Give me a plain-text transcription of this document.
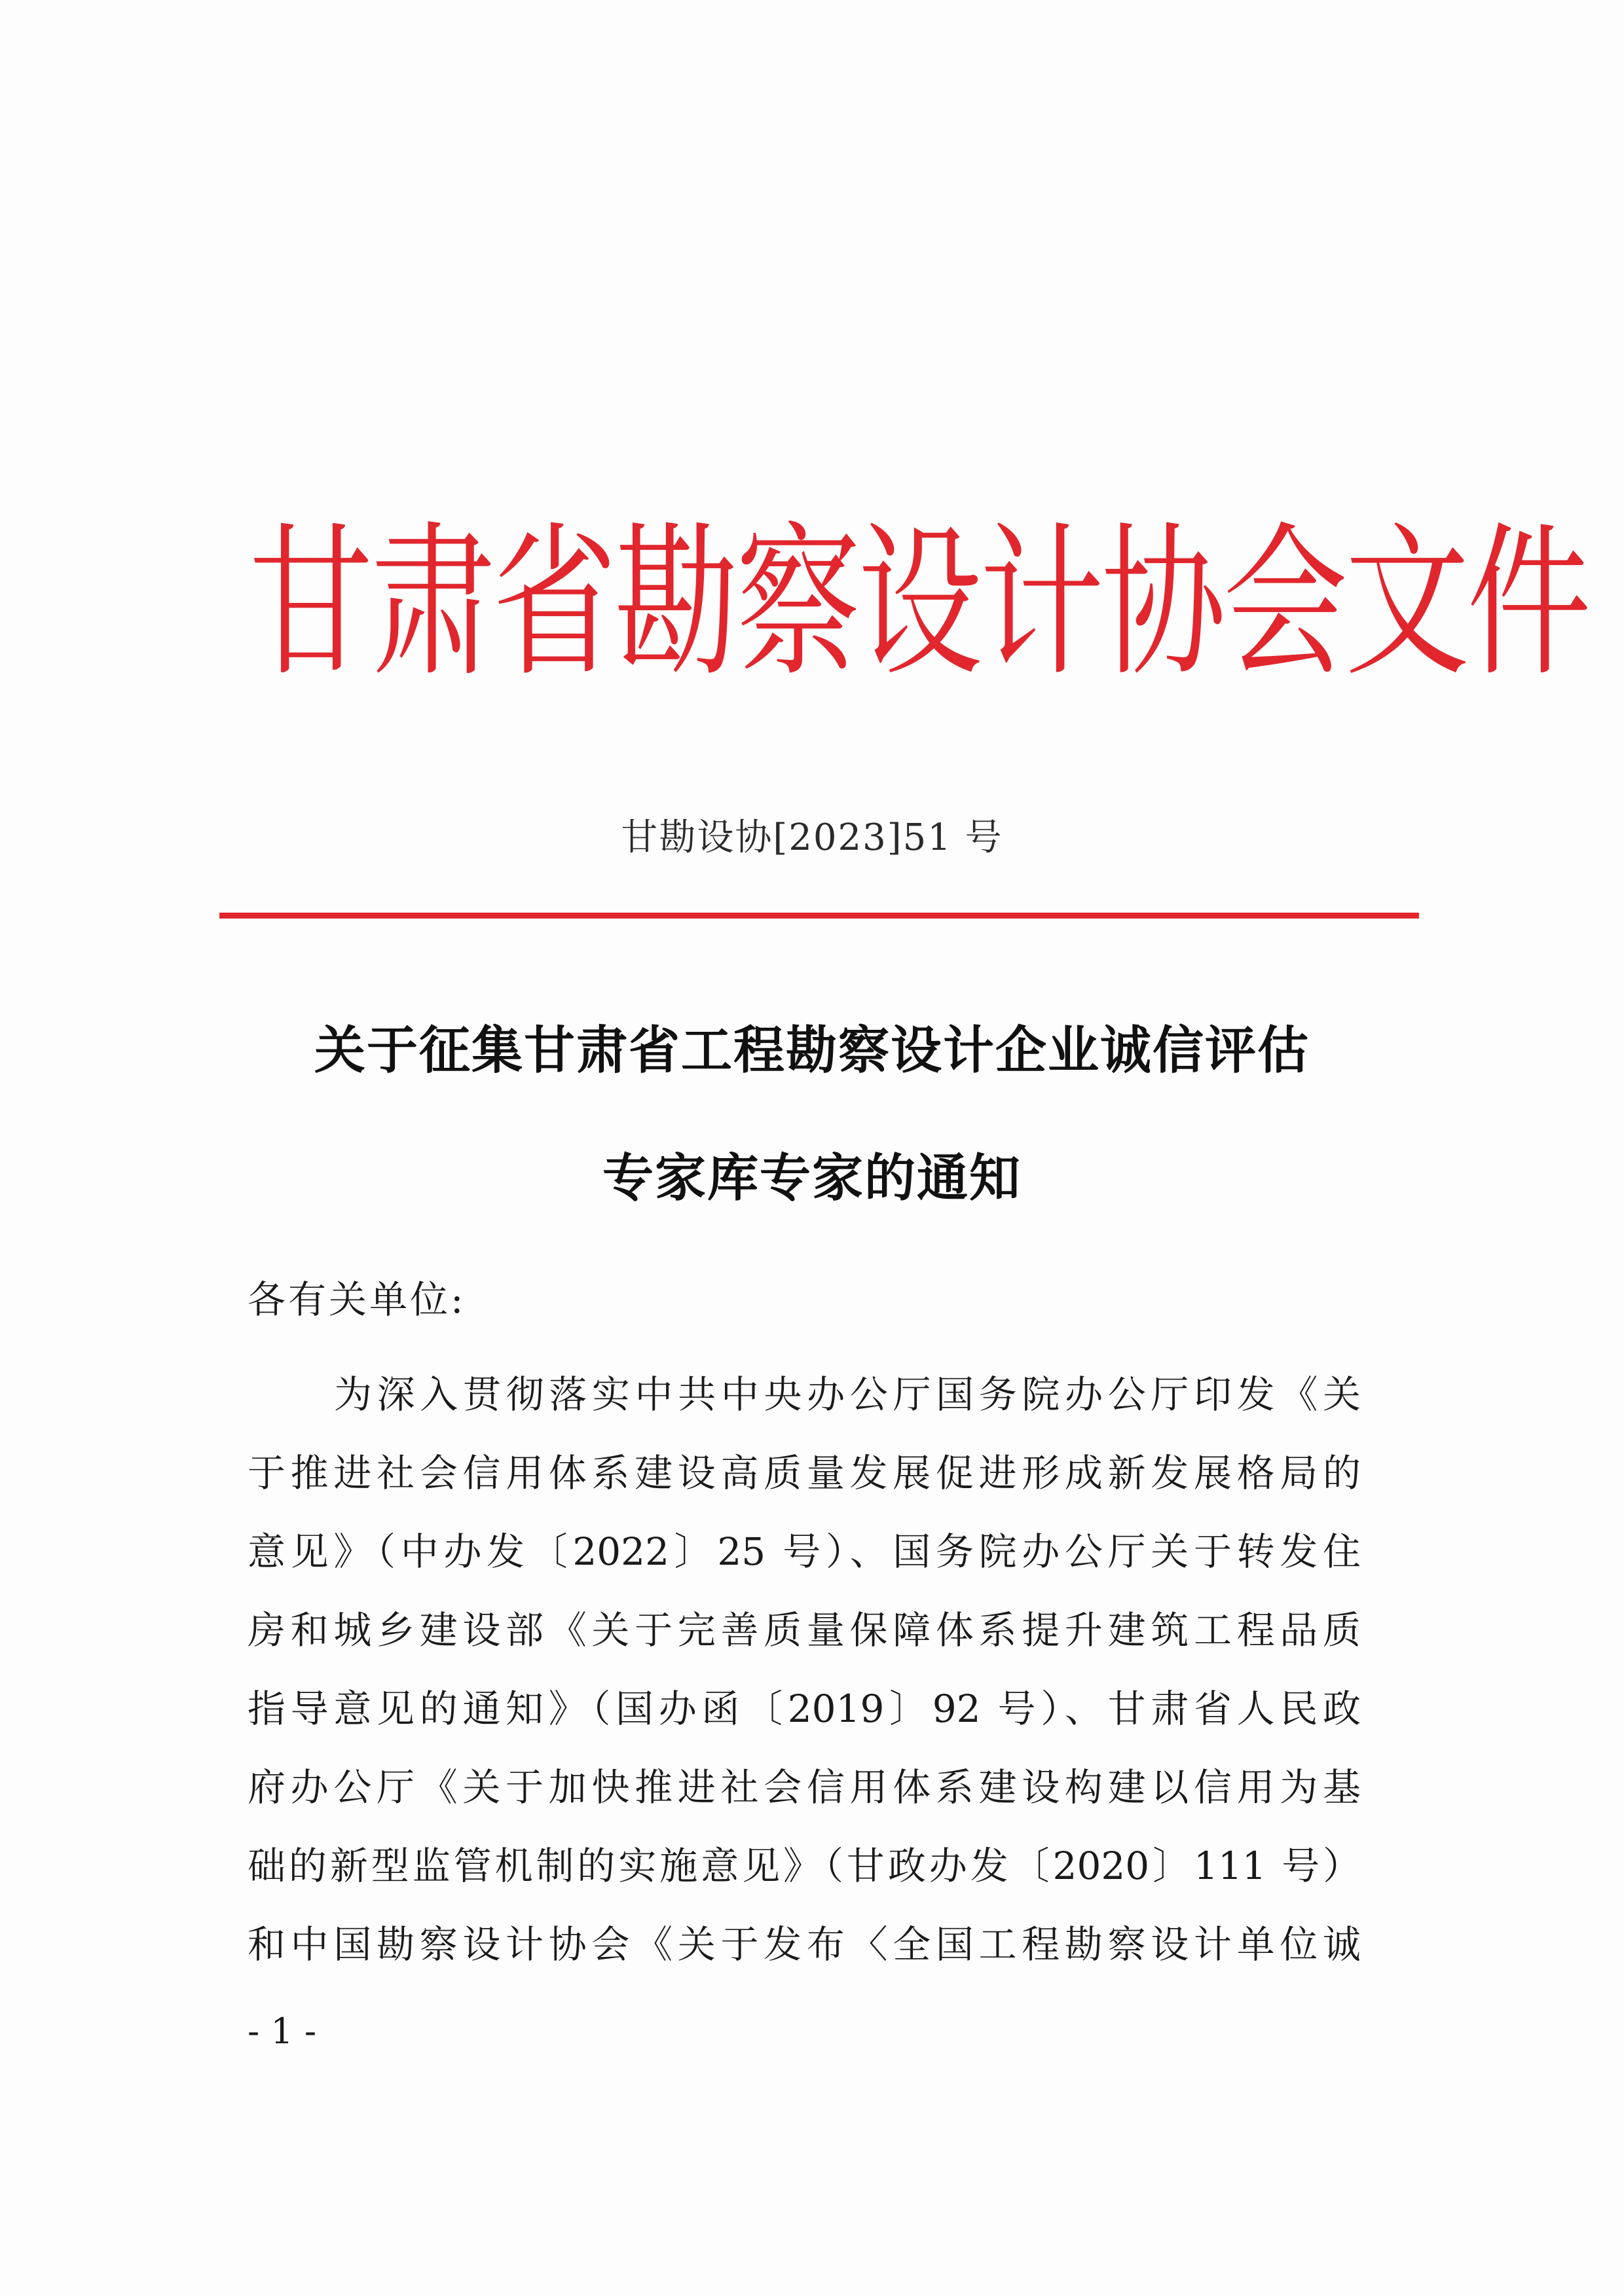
甘肃省勘察设计协会文件
甘勘设协[2023]51 号
关于征集甘肃省工程勘察设计企业诚信评估
专家库专家的通知
各有关单位:
为深入贯彻落实中共中央办公厅国务院办公厅印发《关
于推进社会信用体系建设高质量发展促进形成新发展格局的
意见》（中办发〔2022〕25 号）、国务院办公厅关于转发住
房和城乡建设部《关于完善质量保障体系提升建筑工程品质
指导意见的通知》（国办函〔2019〕92 号）、甘肃省人民政
府办公厅《关于加快推进社会信用体系建设构建以信用为基
础的新型监管机制的实施意见》（甘政办发〔2020〕111 号）
和中国勘察设计协会《关于发布〈全国工程勘察设计单位诚
- 1 -
